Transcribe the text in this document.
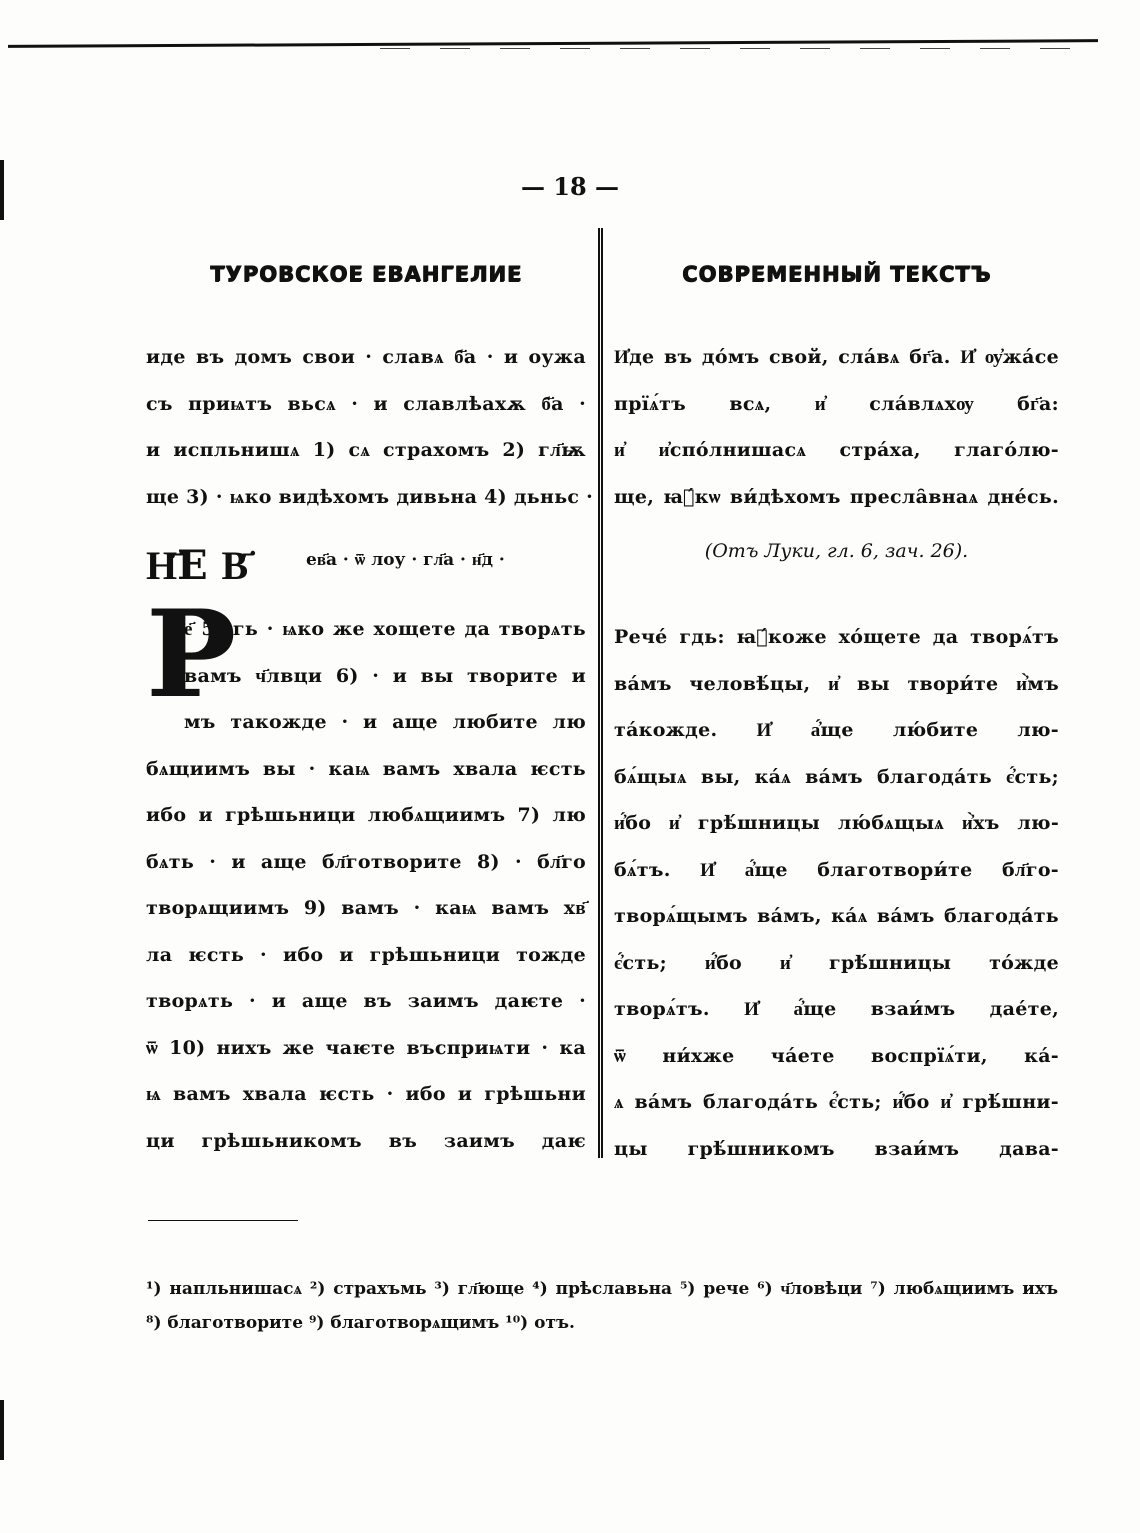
— 18 —
ТУРОВСКОЕ ЕВАНГЕЛИЕ
иде въ домъ свои · славѧ б҃а · и оужа
съ приѩтъ вьсѧ · и славлѣахѫ б҃а ·
и испльнишѧ 1) сѧ страхомъ 2) гл҃ѭ
ще 3) · ѩко видѣхомъ дивьна 4) дьньс ·
Н҃Е В҃	ев҃а · ѿ лоу · гл҃а · н҃д ·
Р
е҃ 5) гь · ѩко же хощете да творѧть
вамъ ч҃лвци 6) · и вы творите и
мъ такожде · и аще любите лю
бѧщиимъ вы · каѩ вамъ хвала ѥсть
ибо и грѣшьници любѧщиимъ 7) лю
бѧть · и аще бл҃готворите 8) · бл҃го
творѧщиимъ 9) вамъ · каѩ вамъ хв҃
ла ѥсть · ибо и грѣшьници тожде
творѧть · и аще въ заимъ даѥте ·
ѿ 10) нихъ же чаѥте въсприѩти · ка
ѩ вамъ хвала ѥсть · ибо и грѣшьни
ци грѣшьникомъ въ заимъ даѥ
СОВРЕМЕННЫЙ ТЕКСТЪ
И҆де въ до́мъ свой, сла́вѧ бг҃а. И҆ ѹ҆жа́се
прїѧ́тъ всѧ, и҆ сла́влѧхѹ бг҃а:
и҆ и҆спо́лнишасѧ стра́ха, глаго́лю-
ще, ꙗ҆́кѡ ви́дѣхомъ пресла̑внаѧ дне́сь.
(Отъ Луки, гл. 6, зач. 26).
Рече́ гдь: ꙗ҆́коже хо́щете да творѧ́тъ
ва́мъ человѣ́цы, и҆ вы твори́те и҆̀мъ
та́кожде. И҆ а҆́ще лю́бите лю-
бѧ́щыѧ вы, ка́ѧ ва́мъ благода́ть є҆́сть;
и҆́бо и҆ грѣ́шницы лю́бѧщыѧ и҆̀хъ лю-
бѧ́тъ. И҆ а҆́ще благотвори́те бл҃го-
творѧ́щымъ ва́мъ, ка́ѧ ва́мъ благода́ть
є҆́сть; и҆́бо и҆ грѣ́шницы то́жде
творѧ́тъ. И҆ а҆́ще взаи́мъ дае́те,
ѿ ни́хже ча́ете воспрїѧ́ти, ка́-
ѧ ва́мъ благода́ть є҆́сть; и҆́бо и҆ грѣ́шни-
цы грѣ́шникомъ взаи́мъ дава-
¹) напльнишасѧ ²) страхъмь ³) гл҃юще ⁴) прѣславьна ⁵) рече ⁶) ч҃ловѣци ⁷) любѧщиимъ ихъ
⁸) благотворите ⁹) благотворѧщимъ ¹⁰) отъ.
